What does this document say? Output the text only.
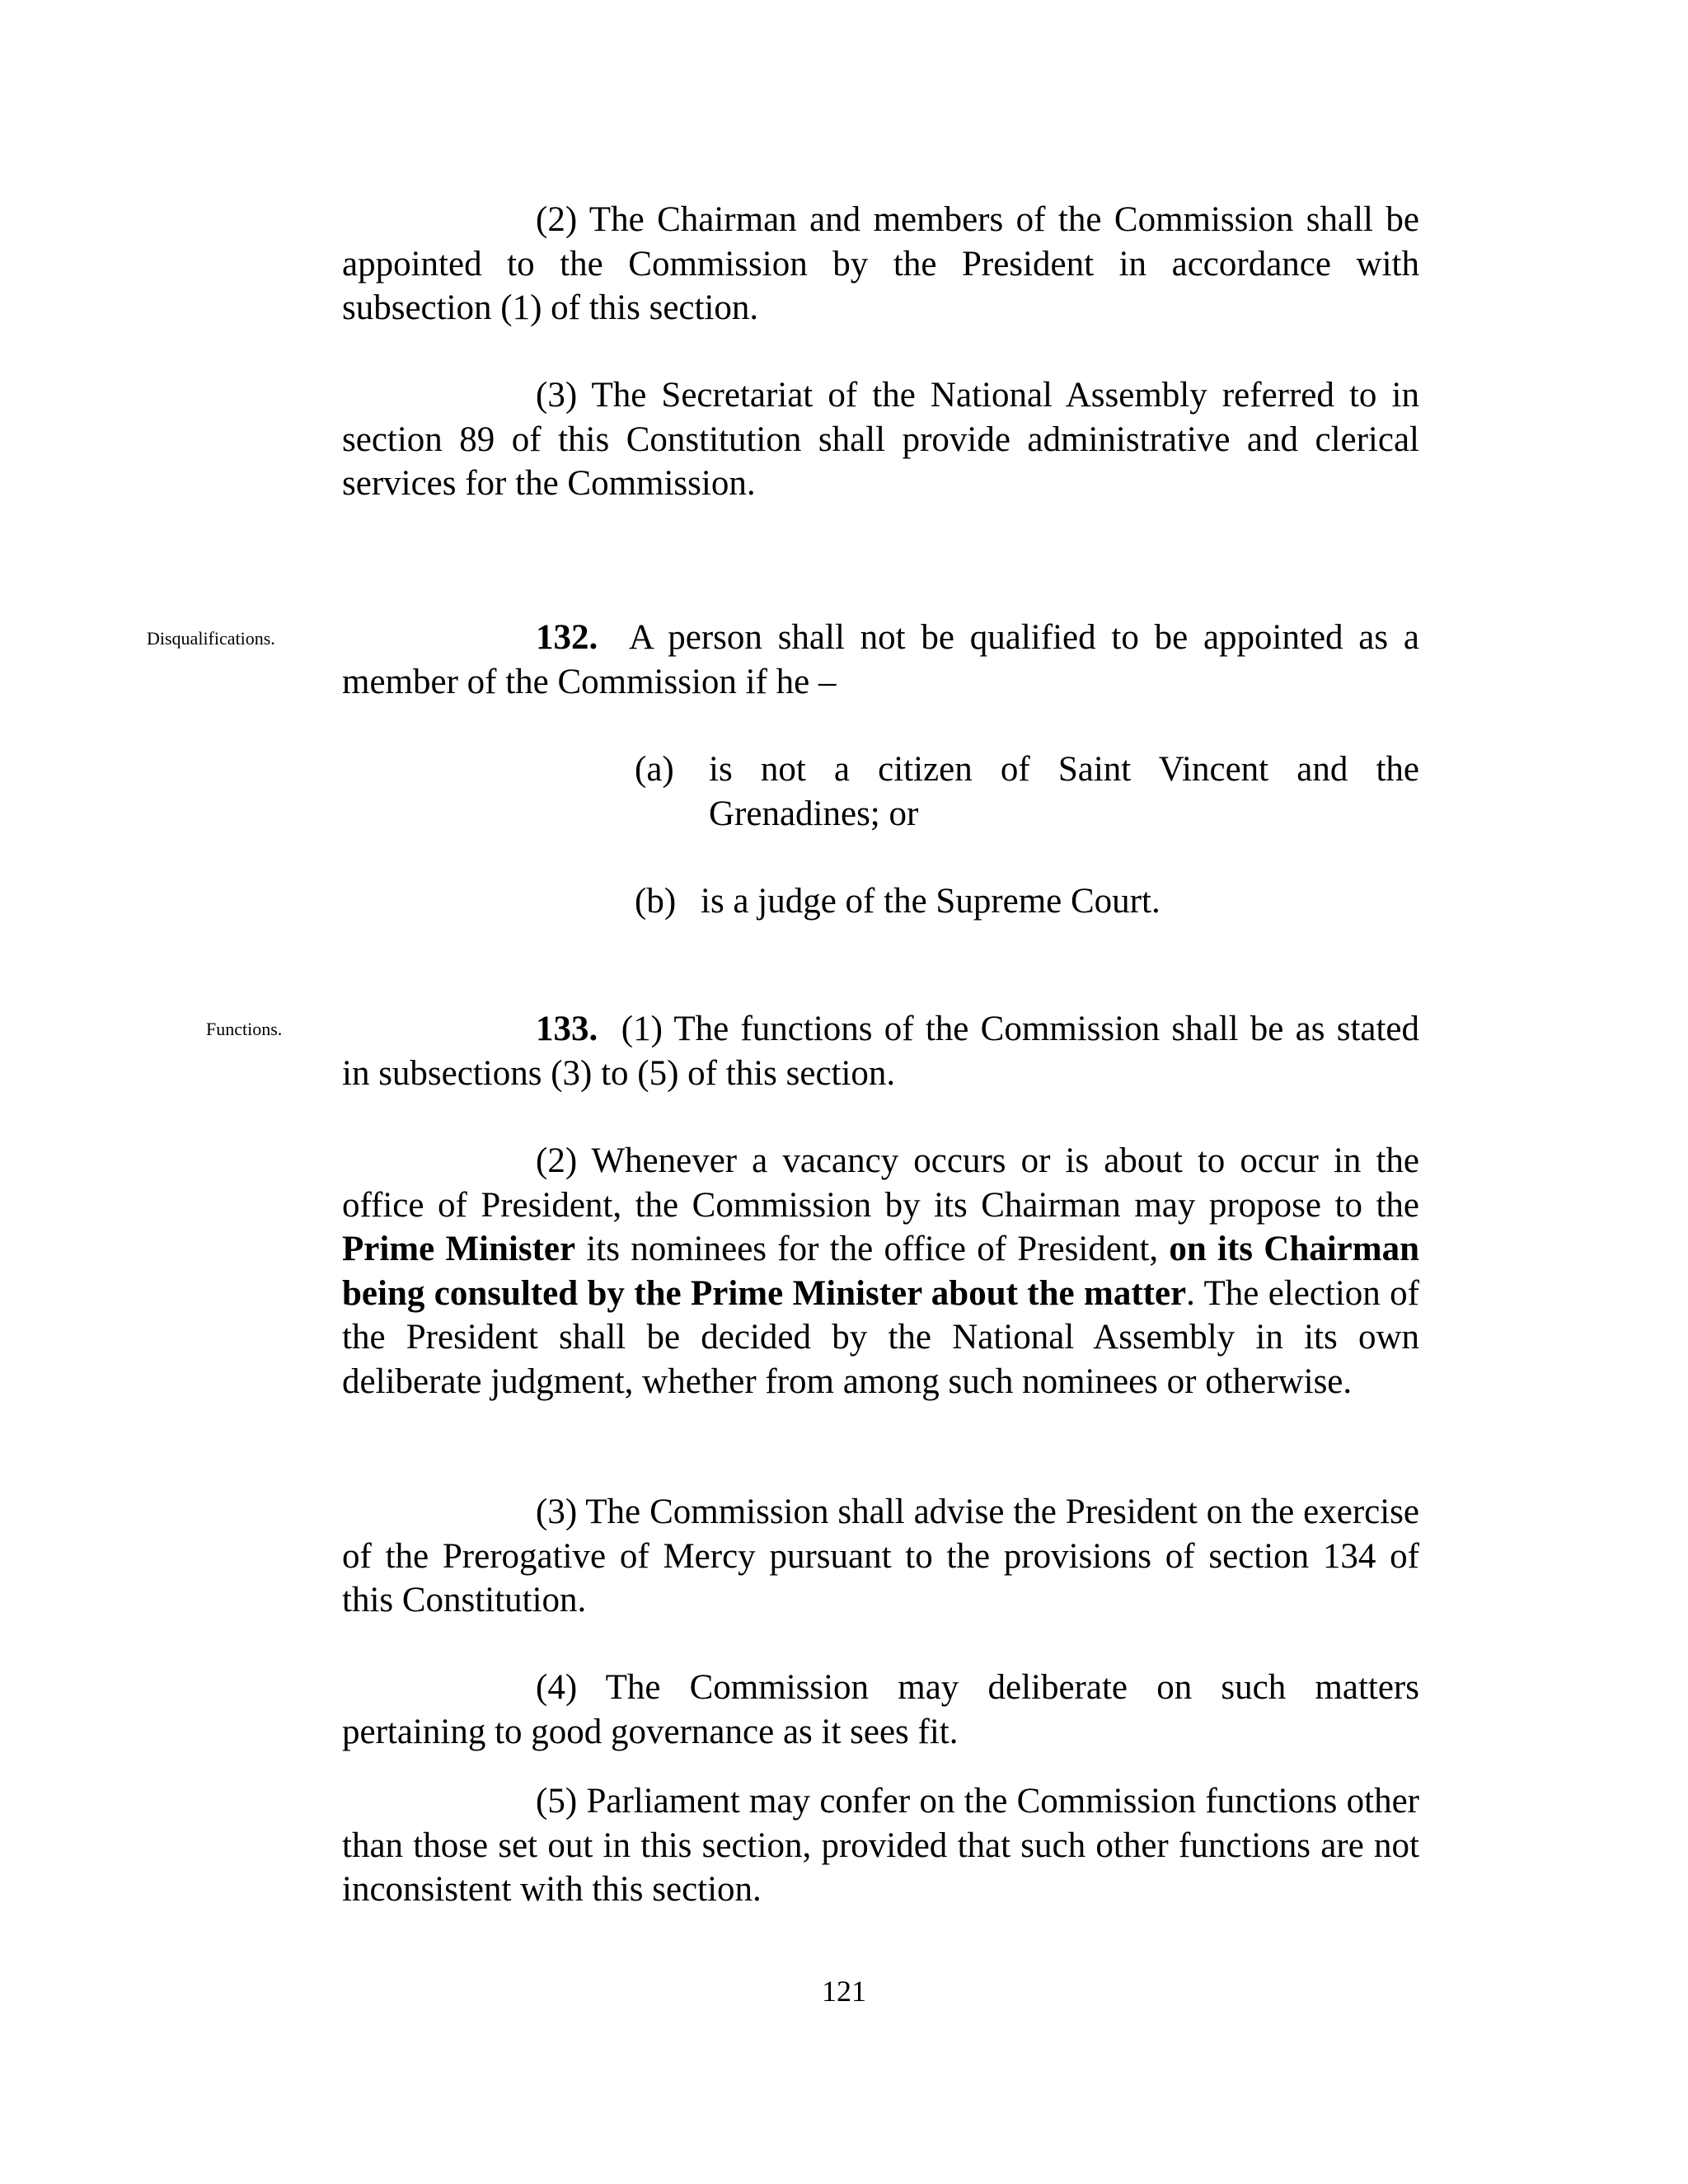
(2) The Chairman and members of the Commission shall be appointed to the Commission by the President in accordance with subsection (1) of this section.

(3) The Secretariat of the National Assembly referred to in section 89 of this Constitution shall provide administrative and clerical services for the Commission.

Disqualifications.	132. A person shall not be qualified to be appointed as a member of the Commission if he –

(a) is not a citizen of Saint Vincent and the Grenadines; or
(b) is a judge of the Supreme Court.
Functions.	133. (1) The functions of the Commission shall be as stated in subsections (3) to (5) of this section.

(2) Whenever a vacancy occurs or is about to occur in the office of President, the Commission by its Chairman may propose to the Prime Minister its nominees for the office of President, on its Chairman being consulted by the Prime Minister about the matter. The election of the President shall be decided by the National Assembly in its own deliberate judgment, whether from among such nominees or otherwise.

(3) The Commission shall advise the President on the exercise of the Prerogative of Mercy pursuant to the provisions of section 134 of this Constitution.

(4) The Commission may deliberate on such matters pertaining to good governance as it sees fit.

(5) Parliament may confer on the Commission functions other than those set out in this section, provided that such other functions are not inconsistent with this section.

121
